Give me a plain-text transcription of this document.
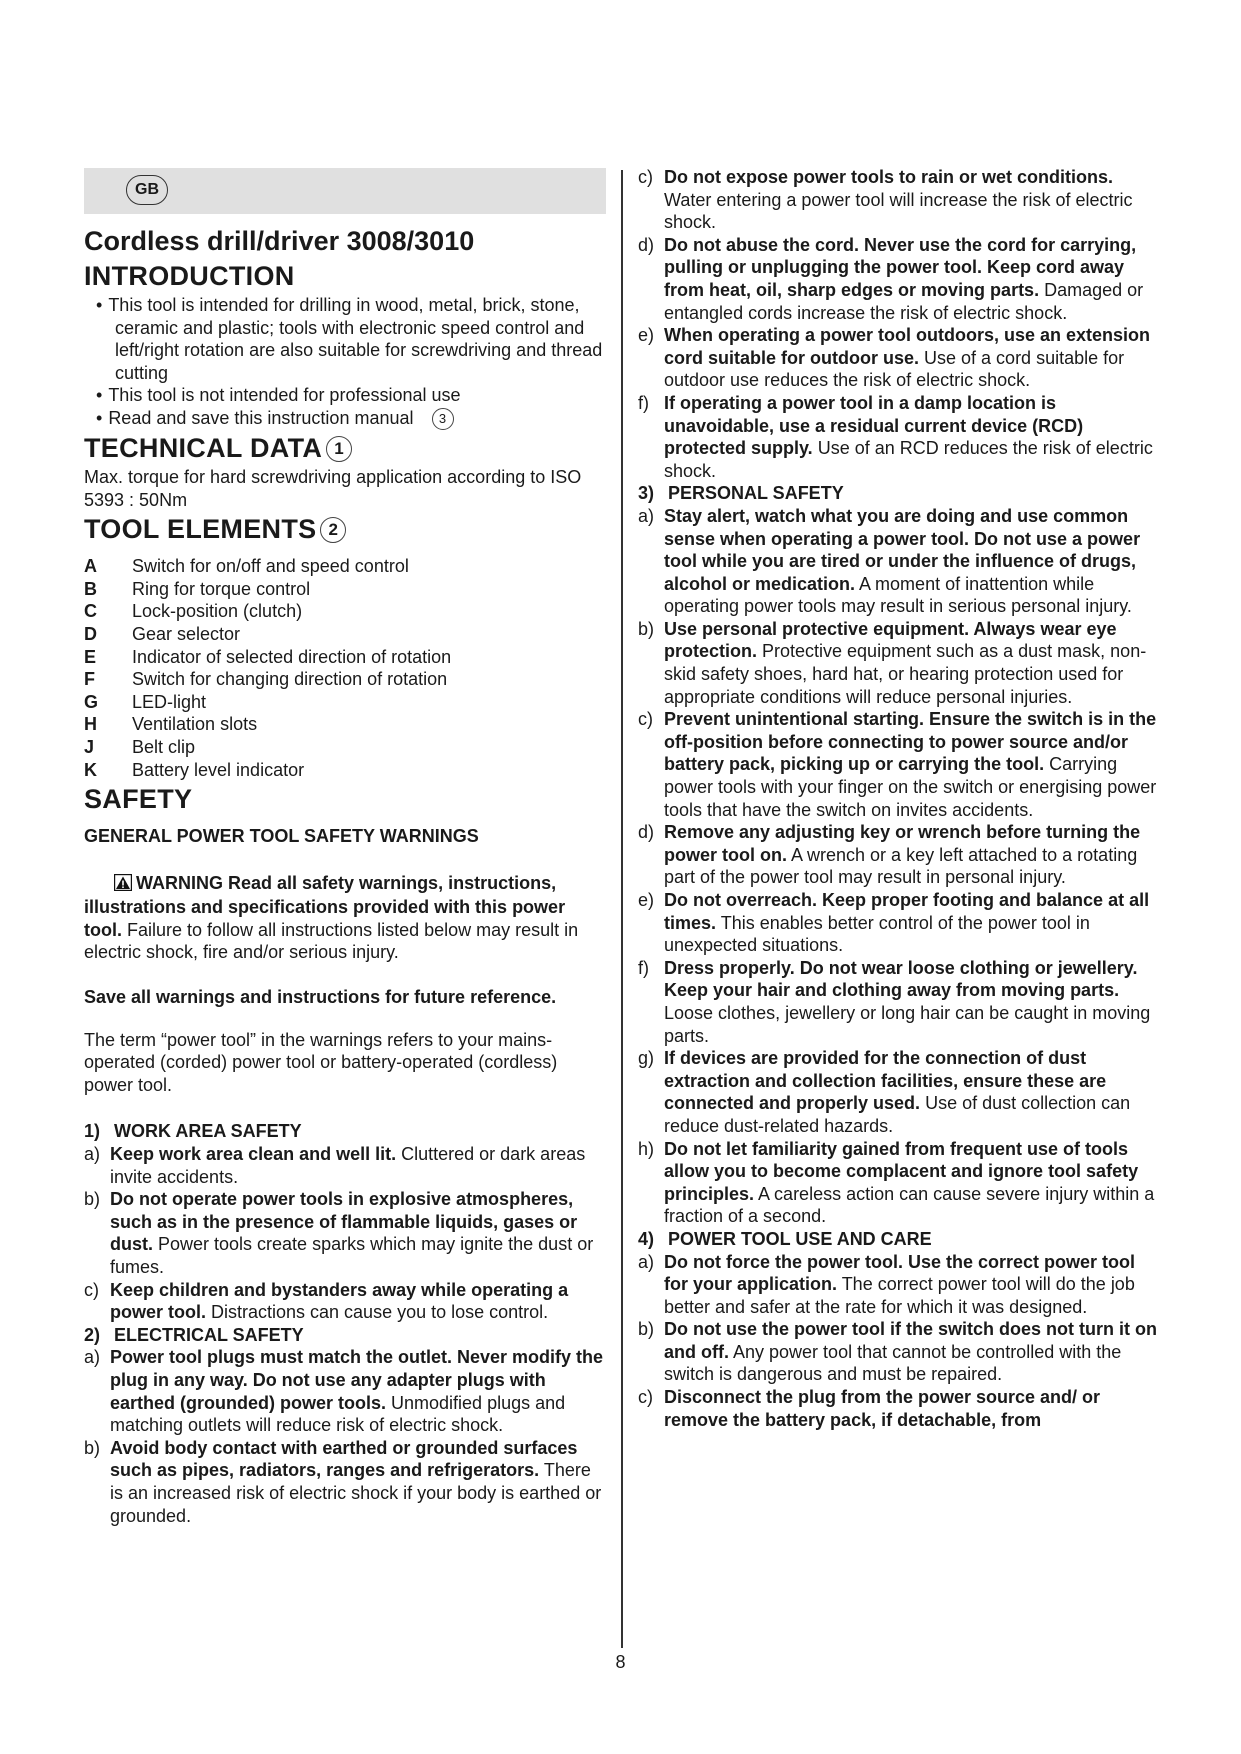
GB
Cordless drill/driver 3008/3010
INTRODUCTION
• This tool is intended for drilling in wood, metal, brick, stone, ceramic and plastic; tools with electronic speed control and left/right rotation are also suitable for screwdriving and thread cutting
• This tool is not intended for professional use
• Read and save this instruction manual 3
TECHNICAL DATA 1

Max. torque for hard screwdriving application according to ISO 5393 : 50Nm

TOOL ELEMENTS 2
A	Switch for on/off and speed control
B	Ring for torque control
C	Lock-position (clutch)
D	Gear selector
E	Indicator of selected direction of rotation
F	Switch for changing direction of rotation
G	LED-light
H	Ventilation slots
J	Belt clip
K	Battery level indicator
SAFETY
GENERAL POWER TOOL SAFETY WARNINGS
WARNING Read all safety warnings, instructions, illustrations and specifications provided with this power tool. Failure to follow all instructions listed below may result in electric shock, fire and/or serious injury.
Save all warnings and instructions for future reference.
The term “power tool” in the warnings refers to your mains-operated (corded) power tool or battery-operated (cordless) power tool.
1) WORK AREA SAFETY
a) Keep work area clean and well lit. Cluttered or dark areas invite accidents.
b) Do not operate power tools in explosive atmospheres, such as in the presence of flammable liquids, gases or dust. Power tools create sparks which may ignite the dust or fumes.
c) Keep children and bystanders away while operating a power tool. Distractions can cause you to lose control.
2) ELECTRICAL SAFETY
a) Power tool plugs must match the outlet. Never modify the plug in any way. Do not use any adapter plugs with earthed (grounded) power tools. Unmodified plugs and matching outlets will reduce risk of electric shock.
b) Avoid body contact with earthed or grounded surfaces such as pipes, radiators, ranges and refrigerators. There is an increased risk of electric shock if your body is earthed or grounded.
c) Do not expose power tools to rain or wet conditions. Water entering a power tool will increase the risk of electric shock.
d) Do not abuse the cord. Never use the cord for carrying, pulling or unplugging the power tool. Keep cord away from heat, oil, sharp edges or moving parts. Damaged or entangled cords increase the risk of electric shock.
e) When operating a power tool outdoors, use an extension cord suitable for outdoor use. Use of a cord suitable for outdoor use reduces the risk of electric shock.
f) If operating a power tool in a damp location is unavoidable, use a residual current device (RCD) protected supply. Use of an RCD reduces the risk of electric shock.
3) PERSONAL SAFETY
a) Stay alert, watch what you are doing and use common sense when operating a power tool. Do not use a power tool while you are tired or under the influence of drugs, alcohol or medication. A moment of inattention while operating power tools may result in serious personal injury.
b) Use personal protective equipment. Always wear eye protection. Protective equipment such as a dust mask, non-skid safety shoes, hard hat, or hearing protection used for appropriate conditions will reduce personal injuries.
c) Prevent unintentional starting. Ensure the switch is in the off-position before connecting to power source and/or battery pack, picking up or carrying the tool. Carrying power tools with your finger on the switch or energising power tools that have the switch on invites accidents.
d) Remove any adjusting key or wrench before turning the power tool on. A wrench or a key left attached to a rotating part of the power tool may result in personal injury.
e) Do not overreach. Keep proper footing and balance at all times. This enables better control of the power tool in unexpected situations.
f) Dress properly. Do not wear loose clothing or jewellery. Keep your hair and clothing away from moving parts. Loose clothes, jewellery or long hair can be caught in moving parts.
g) If devices are provided for the connection of dust extraction and collection facilities, ensure these are connected and properly used. Use of dust collection can reduce dust-related hazards.
h) Do not let familiarity gained from frequent use of tools allow you to become complacent and ignore tool safety principles. A careless action can cause severe injury within a fraction of a second.
4) POWER TOOL USE AND CARE
a) Do not force the power tool. Use the correct power tool for your application. The correct power tool will do the job better and safer at the rate for which it was designed.
b) Do not use the power tool if the switch does not turn it on and off. Any power tool that cannot be controlled with the switch is dangerous and must be repaired.
c) Disconnect the plug from the power source and/ or remove the battery pack, if detachable, from
8
